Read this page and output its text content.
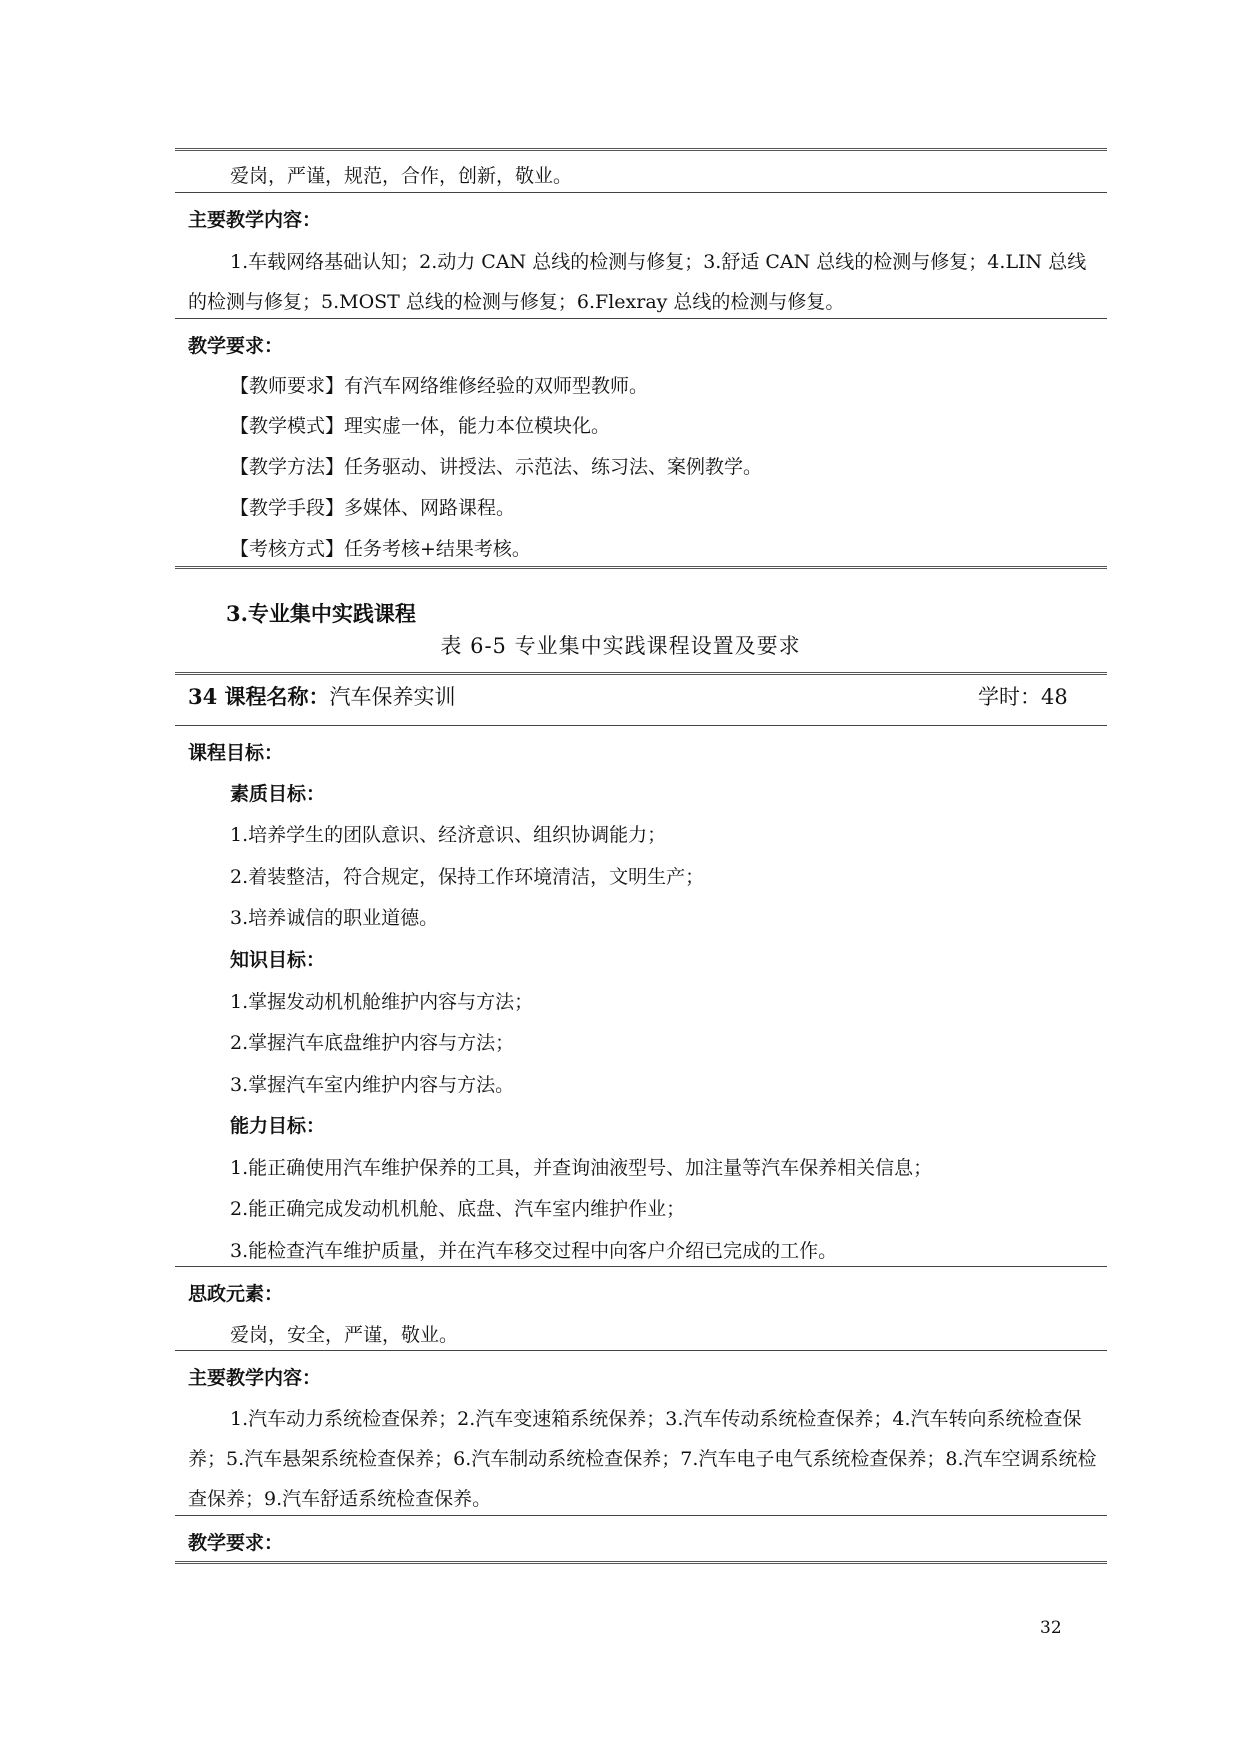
爱岗，严谨，规范，合作，创新，敬业。
主要教学内容：
1.车载网络基础认知；2.动力 CAN 总线的检测与修复；3.舒适 CAN 总线的检测与修复；4.LIN 总线的检测与修复；5.MOST 总线的检测与修复；6.Flexray 总线的检测与修复。
教学要求：
【教师要求】有汽车网络维修经验的双师型教师。
【教学模式】理实虚一体，能力本位模块化。
【教学方法】任务驱动、讲授法、示范法、练习法、案例教学。
【教学手段】多媒体、网路课程。
【考核方式】任务考核+结果考核。
3.专业集中实践课程
表 6-5 专业集中实践课程设置及要求
34 课程名称：汽车保养实训	学时：48
课程目标：
素质目标：
1.培养学生的团队意识、经济意识、组织协调能力；
2.着装整洁，符合规定，保持工作环境清洁，文明生产；
3.培养诚信的职业道德。
知识目标：
1.掌握发动机机舱维护内容与方法；
2.掌握汽车底盘维护内容与方法；
3.掌握汽车室内维护内容与方法。
能力目标：
1.能正确使用汽车维护保养的工具，并查询油液型号、加注量等汽车保养相关信息；
2.能正确完成发动机机舱、底盘、汽车室内维护作业；
3.能检查汽车维护质量，并在汽车移交过程中向客户介绍已完成的工作。
思政元素：
爱岗，安全，严谨，敬业。
主要教学内容：
1.汽车动力系统检查保养；2.汽车变速箱系统保养；3.汽车传动系统检查保养；4.汽车转向系统检查保养；5.汽车悬架系统检查保养；6.汽车制动系统检查保养；7.汽车电子电气系统检查保养；8.汽车空调系统检查保养；9.汽车舒适系统检查保养。
教学要求：
32
